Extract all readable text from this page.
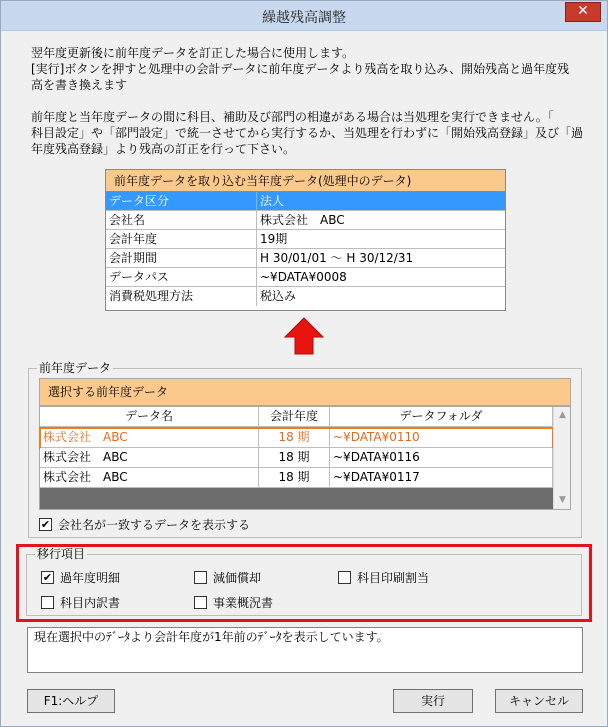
繰越残高調整	✕

翌年度更新後に前年度データを訂正した場合に使用します。
[実行]ボタンを押すと処理中の会計データに前年度データより残高を取り込み、開始残高と過年度残
高を書き換えます

前年度と当年度データの間に科目、補助及び部門の相違がある場合は当処理を実行できません。「
科目設定」や「部門設定」で統一させてから実行するか、当処理を行わずに「開始残高登録」及び「過
年度残高登録」より残高の訂正を行って下さい。

前年度データを取り込む当年度データ(処理中のデータ)
データ区分	法人
会社名	株式会社　ABC
会計年度	19期
会計期間	H 30/01/01 〜 H 30/12/31
データパス	~¥DATA¥0008
消費税処理方法	税込み
前年度データ
選択する前年度データ
データ名	会計年度	データフォルダ
株式会社　ABC	18 期	~¥DATA¥0110
株式会社　ABC	18 期	~¥DATA¥0116
株式会社　ABC	18 期	~¥DATA¥0117
▲
▼
✔ 会社名が一致するデータを表示する
移行項目
✔ 過年度明細	減価償却	科目印刷割当
科目内訳書	事業概況書
現在選択中のﾃﾞｰﾀより会計年度が1年前のﾃﾞｰﾀを表示しています。
F1:ヘルプ	実行	キャンセル
